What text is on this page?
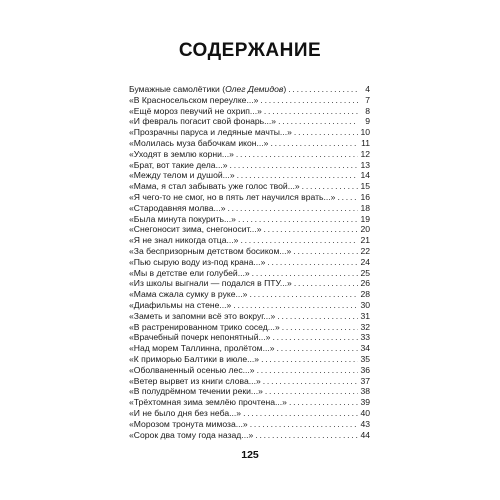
СОДЕРЖАНИЕ
Бумажные самолётики (Олег Демидов) . . .	4
«В Красносельском переулке...» . . .	7
«Ещё мороз певучий не охрип...» . . .	8
«И февраль погасит свой фонарь...» . . .	9
«Прозрачны паруса и ледяные мачты...» . . .	10
«Молилась муза бабочкам икон...» . . .	11
«Уходят в землю корни...» . . .	12
«Брат, вот такие дела...» . . .	13
«Между телом и душой...» . . .	14
«Мама, я стал забывать уже голос твой...» . . .	15
«Я чего-то не смог, но в пять лет научился врать...» . . .	16
«Стародавняя молва...» . . .	18
«Была минута покурить...» . . .	19
«Снегоносит зима, снегоносит...» . . .	20
«Я не знал никогда отца...» . . .	21
«За беспризорным детством босиком...» . . .	22
«Пью сырую воду из-под крана...» . . .	24
«Мы в детстве ели голубей...» . . .	25
«Из школы выгнали — подался в ПТУ...» . . .	26
«Мама сжала сумку в руке...» . . .	28
«Диафильмы на стене...» . . .	30
«Заметь и запомни всё это вокруг...» . . .	31
«В растренированном трико сосед...» . . .	32
«Врачебный почерк непонятный...» . . .	33
«Над морем Таллинна, пролётом...» . . .	34
«К приморью Балтики в июле...» . . .	35
«Оболваненный осенью лес...» . . .	36
«Ветер вырвет из книги слова...» . . .	37
«В полудрёмном течении реки...» . . .	38
«Трёхтомная зима землёю прочтена...» . . .	39
«И не было дня без неба...» . . .	40
«Морозом тронута мимоза...» . . .	43
«Сорок два тому года назад...» . . .	44
125
